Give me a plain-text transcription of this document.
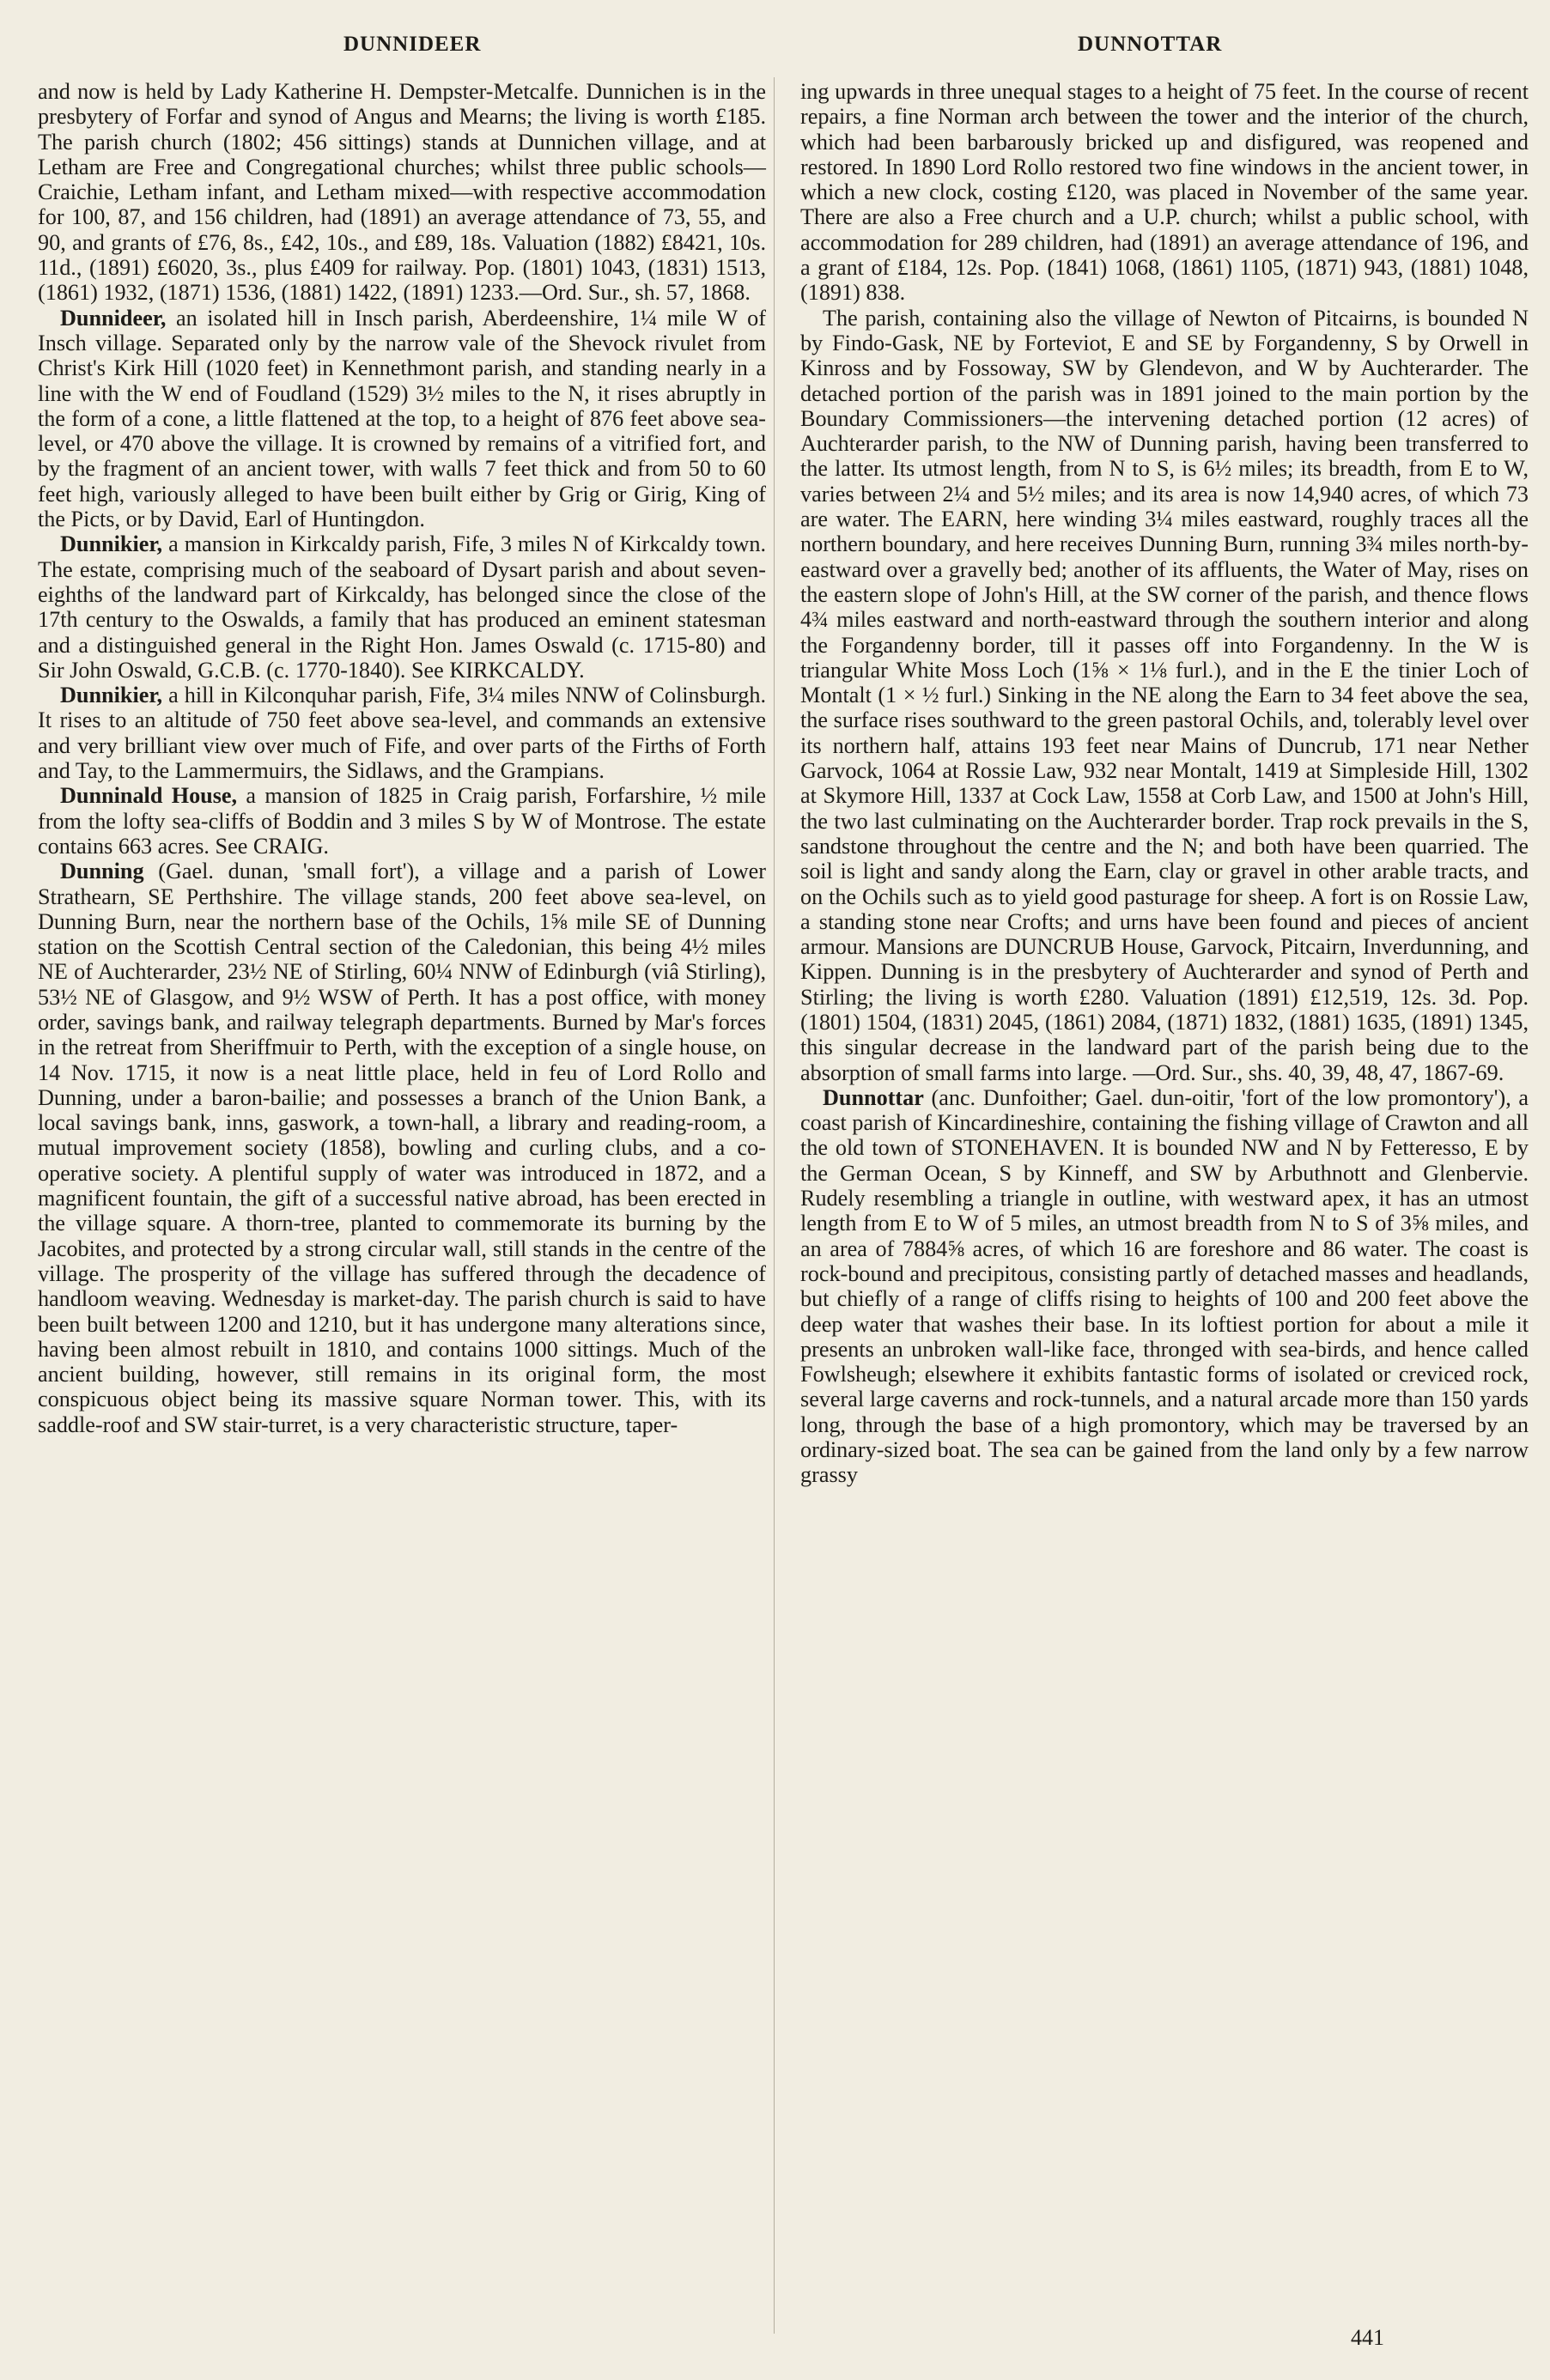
DUNNIDEER	DUNNOTTAR

and now is held by Lady Katherine H. Dempster-Metcalfe. Dunnichen is in the presbytery of Forfar and synod of Angus and Mearns; the living is worth £185. The parish church (1802; 456 sittings) stands at Dunnichen village, and at Letham are Free and Congregational churches; whilst three public schools—Craichie, Letham infant, and Letham mixed—with respective accommodation for 100, 87, and 156 children, had (1891) an average attendance of 73, 55, and 90, and grants of £76, 8s., £42, 10s., and £89, 18s. Valuation (1882) £8421, 10s. 11d., (1891) £6020, 3s., plus £409 for railway. Pop. (1801) 1043, (1831) 1513, (1861) 1932, (1871) 1536, (1881) 1422, (1891) 1233.—Ord. Sur., sh. 57, 1868.

Dunnideer, an isolated hill in Insch parish, Aberdeenshire, 1¼ mile W of Insch village. Separated only by the narrow vale of the Shevock rivulet from Christ's Kirk Hill (1020 feet) in Kennethmont parish, and standing nearly in a line with the W end of Foudland (1529) 3½ miles to the N, it rises abruptly in the form of a cone, a little flattened at the top, to a height of 876 feet above sea-level, or 470 above the village. It is crowned by remains of a vitrified fort, and by the fragment of an ancient tower, with walls 7 feet thick and from 50 to 60 feet high, variously alleged to have been built either by Grig or Girig, King of the Picts, or by David, Earl of Huntingdon.

Dunnikier, a mansion in Kirkcaldy parish, Fife, 3 miles N of Kirkcaldy town. The estate, comprising much of the seaboard of Dysart parish and about seven-eighths of the landward part of Kirkcaldy, has belonged since the close of the 17th century to the Oswalds, a family that has produced an eminent statesman and a distinguished general in the Right Hon. James Oswald (c. 1715-80) and Sir John Oswald, G.C.B. (c. 1770-1840). See KIRKCALDY.

Dunnikier, a hill in Kilconquhar parish, Fife, 3¼ miles NNW of Colinsburgh. It rises to an altitude of 750 feet above sea-level, and commands an extensive and very brilliant view over much of Fife, and over parts of the Firths of Forth and Tay, to the Lammermuirs, the Sidlaws, and the Grampians.

Dunninald House, a mansion of 1825 in Craig parish, Forfarshire, ½ mile from the lofty sea-cliffs of Boddin and 3 miles S by W of Montrose. The estate contains 663 acres. See CRAIG.

Dunning (Gael. dunan, 'small fort'), a village and a parish of Lower Strathearn, SE Perthshire. The village stands, 200 feet above sea-level, on Dunning Burn, near the northern base of the Ochils, 1⅝ mile SE of Dunning station on the Scottish Central section of the Caledonian, this being 4½ miles NE of Auchterarder, 23½ NE of Stirling, 60¼ NNW of Edinburgh (viâ Stirling), 53½ NE of Glasgow, and 9½ WSW of Perth. It has a post office, with money order, savings bank, and railway telegraph departments. Burned by Mar's forces in the retreat from Sheriffmuir to Perth, with the exception of a single house, on 14 Nov. 1715, it now is a neat little place, held in feu of Lord Rollo and Dunning, under a baron-bailie; and possesses a branch of the Union Bank, a local savings bank, inns, gaswork, a town-hall, a library and reading-room, a mutual improvement society (1858), bowling and curling clubs, and a co-operative society. A plentiful supply of water was introduced in 1872, and a magnificent fountain, the gift of a successful native abroad, has been erected in the village square. A thorn-tree, planted to commemorate its burning by the Jacobites, and protected by a strong circular wall, still stands in the centre of the village. The prosperity of the village has suffered through the decadence of handloom weaving. Wednesday is market-day. The parish church is said to have been built between 1200 and 1210, but it has undergone many alterations since, having been almost rebuilt in 1810, and contains 1000 sittings. Much of the ancient building, however, still remains in its original form, the most conspicuous object being its massive square Norman tower. This, with its saddle-roof and SW stair-turret, is a very characteristic structure, taper-

ing upwards in three unequal stages to a height of 75 feet. In the course of recent repairs, a fine Norman arch between the tower and the interior of the church, which had been barbarously bricked up and disfigured, was reopened and restored. In 1890 Lord Rollo restored two fine windows in the ancient tower, in which a new clock, costing £120, was placed in November of the same year. There are also a Free church and a U.P. church; whilst a public school, with accommodation for 289 children, had (1891) an average attendance of 196, and a grant of £184, 12s. Pop. (1841) 1068, (1861) 1105, (1871) 943, (1881) 1048, (1891) 838.

The parish, containing also the village of Newton of Pitcairns, is bounded N by Findo-Gask, NE by Forteviot, E and SE by Forgandenny, S by Orwell in Kinross and by Fossoway, SW by Glendevon, and W by Auchterarder. The detached portion of the parish was in 1891 joined to the main portion by the Boundary Commissioners—the intervening detached portion (12 acres) of Auchterarder parish, to the NW of Dunning parish, having been transferred to the latter. Its utmost length, from N to S, is 6½ miles; its breadth, from E to W, varies between 2¼ and 5½ miles; and its area is now 14,940 acres, of which 73 are water. The EARN, here winding 3¼ miles eastward, roughly traces all the northern boundary, and here receives Dunning Burn, running 3¾ miles north-by-eastward over a gravelly bed; another of its affluents, the Water of May, rises on the eastern slope of John's Hill, at the SW corner of the parish, and thence flows 4¾ miles eastward and north-eastward through the southern interior and along the Forgandenny border, till it passes off into Forgandenny. In the W is triangular White Moss Loch (1⅝ × 1⅛ furl.), and in the E the tinier Loch of Montalt (1 × ½ furl.) Sinking in the NE along the Earn to 34 feet above the sea, the surface rises southward to the green pastoral Ochils, and, tolerably level over its northern half, attains 193 feet near Mains of Duncrub, 171 near Nether Garvock, 1064 at Rossie Law, 932 near Montalt, 1419 at Simpleside Hill, 1302 at Skymore Hill, 1337 at Cock Law, 1558 at Corb Law, and 1500 at John's Hill, the two last culminating on the Auchterarder border. Trap rock prevails in the S, sandstone throughout the centre and the N; and both have been quarried. The soil is light and sandy along the Earn, clay or gravel in other arable tracts, and on the Ochils such as to yield good pasturage for sheep. A fort is on Rossie Law, a standing stone near Crofts; and urns have been found and pieces of ancient armour. Mansions are DUNCRUB House, Garvock, Pitcairn, Inverdunning, and Kippen. Dunning is in the presbytery of Auchterarder and synod of Perth and Stirling; the living is worth £280. Valuation (1891) £12,519, 12s. 3d. Pop. (1801) 1504, (1831) 2045, (1861) 2084, (1871) 1832, (1881) 1635, (1891) 1345, this singular decrease in the landward part of the parish being due to the absorption of small farms into large. —Ord. Sur., shs. 40, 39, 48, 47, 1867-69.

Dunnottar (anc. Dunfoither; Gael. dun-oitir, 'fort of the low promontory'), a coast parish of Kincardineshire, containing the fishing village of Crawton and all the old town of STONEHAVEN. It is bounded NW and N by Fetteresso, E by the German Ocean, S by Kinneff, and SW by Arbuthnott and Glenbervie. Rudely resembling a triangle in outline, with westward apex, it has an utmost length from E to W of 5 miles, an utmost breadth from N to S of 3⅝ miles, and an area of 7884⅝ acres, of which 16 are foreshore and 86 water. The coast is rock-bound and precipitous, consisting partly of detached masses and headlands, but chiefly of a range of cliffs rising to heights of 100 and 200 feet above the deep water that washes their base. In its loftiest portion for about a mile it presents an unbroken wall-like face, thronged with sea-birds, and hence called Fowlsheugh; elsewhere it exhibits fantastic forms of isolated or creviced rock, several large caverns and rock-tunnels, and a natural arcade more than 150 yards long, through the base of a high promontory, which may be traversed by an ordinary-sized boat. The sea can be gained from the land only by a few narrow grassy

441
